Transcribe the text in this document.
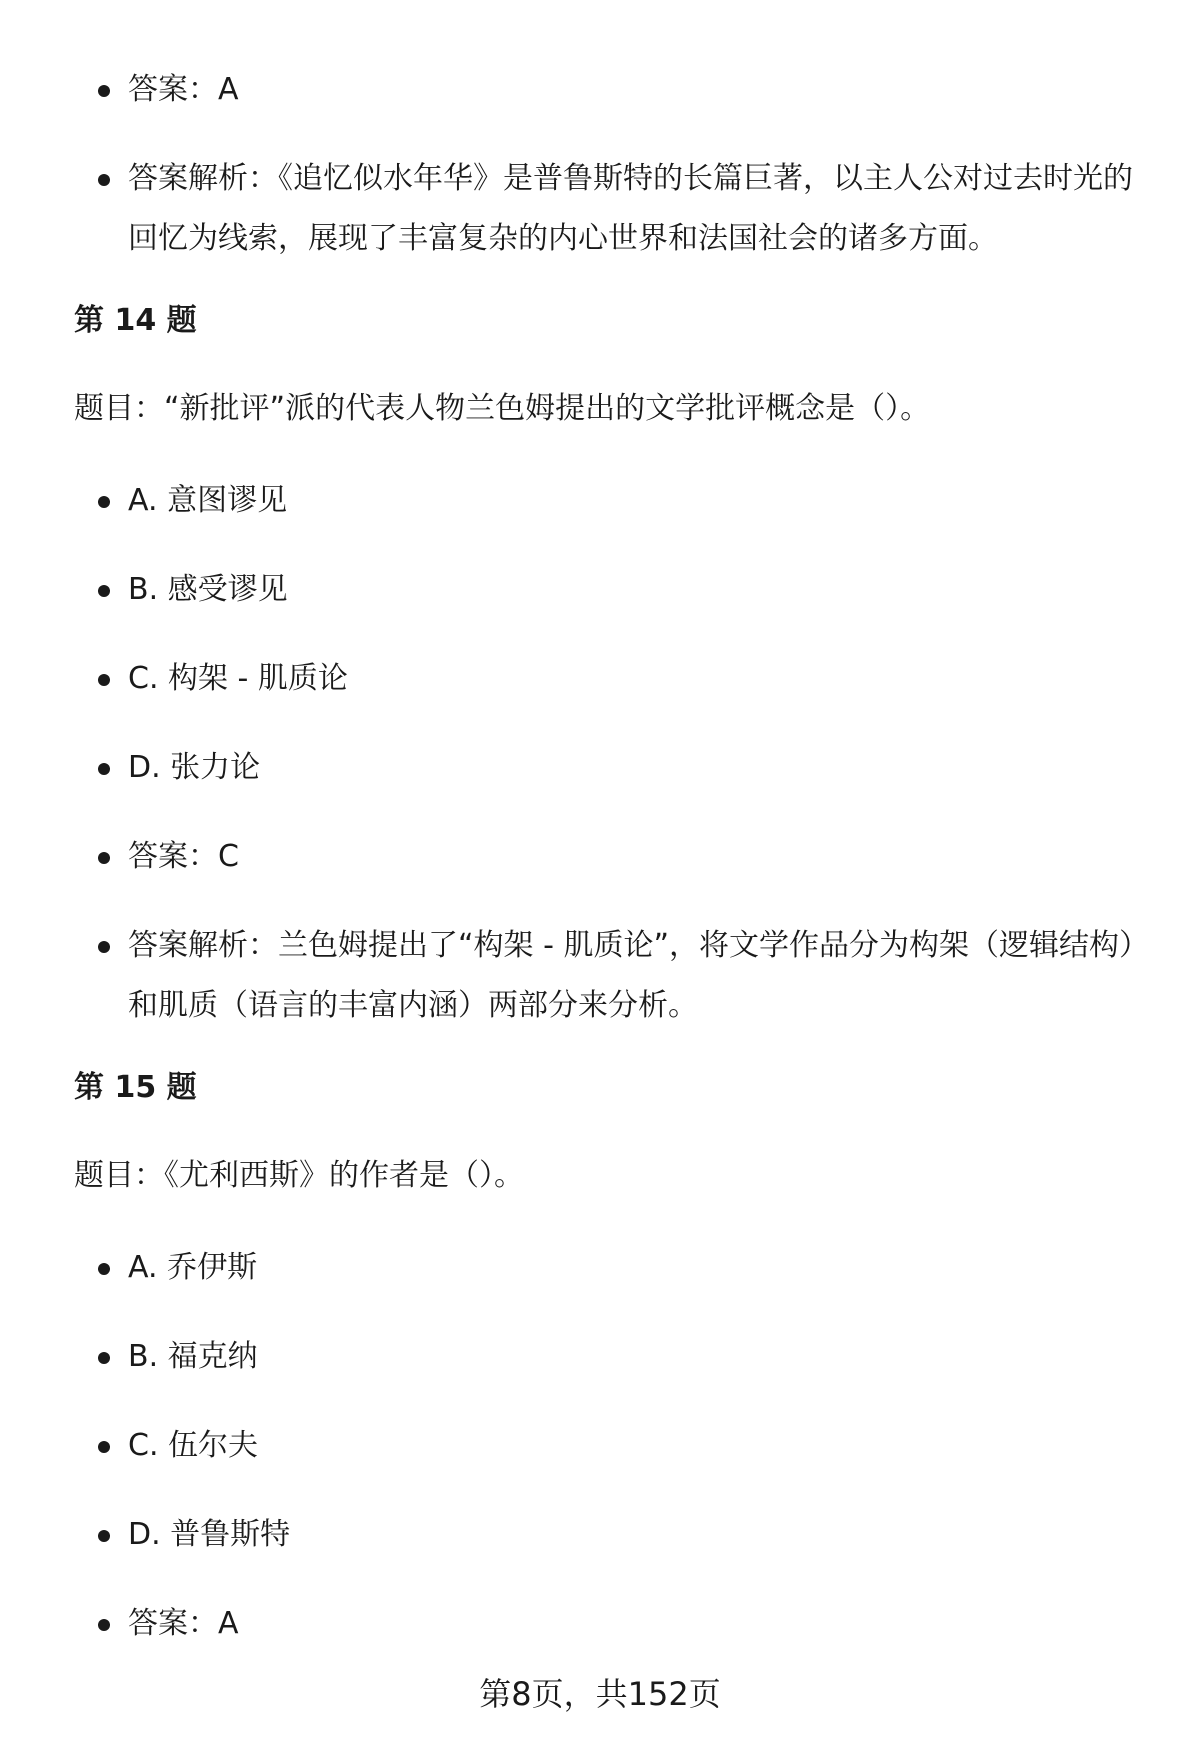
答案：A
答案解析：《追忆似水年华》是普鲁斯特的长篇巨著，以主人公对过去时光的回忆为线索，展现了丰富复杂的内心世界和法国社会的诸多方面。
第 14 题
题目：“新批评”派的代表人物兰色姆提出的文学批评概念是（）。
A. 意图谬见
B. 感受谬见
C. 构架 - 肌质论
D. 张力论
答案：C
答案解析：兰色姆提出了“构架 - 肌质论”，将文学作品分为构架（逻辑结构）和肌质（语言的丰富内涵）两部分来分析。
第 15 题
题目：《尤利西斯》的作者是（）。
A. 乔伊斯
B. 福克纳
C. 伍尔夫
D. 普鲁斯特
答案：A
第8页，共152页
